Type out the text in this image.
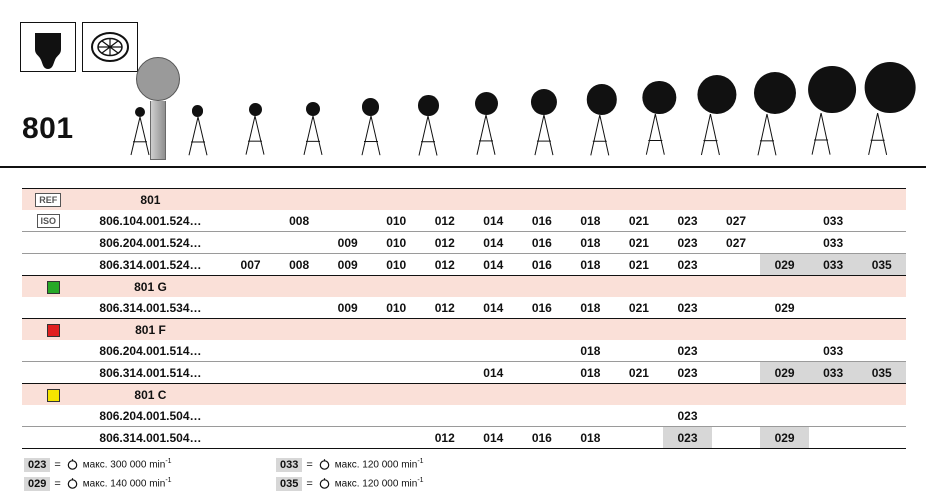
801
REF	801														
ISO	806.104.001.524…		008		010	012	014	016	018	021	023	027		033	
	806.204.001.524…			009	010	012	014	016	018	021	023	027		033	
	806.314.001.524…	007	008	009	010	012	014	016	018	021	023		029	033	035
	801 G														
	806.314.001.534…			009	010	012	014	016	018	021	023		029		
	801 F														
	806.204.001.514…								018		023			033	
	806.314.001.514…						014		018	021	023		029	033	035
	801 C														
	806.204.001.504…										023				
	806.314.001.504…					012	014	016	018		023		029		
023 = макс. 300 000 $\min^{-1}$	033 = макс. 120 000 $\min^{-1}$
029 = макс. 140 000 $\min^{-1}$	035 = макс. 120 000 $\min^{-1}$
